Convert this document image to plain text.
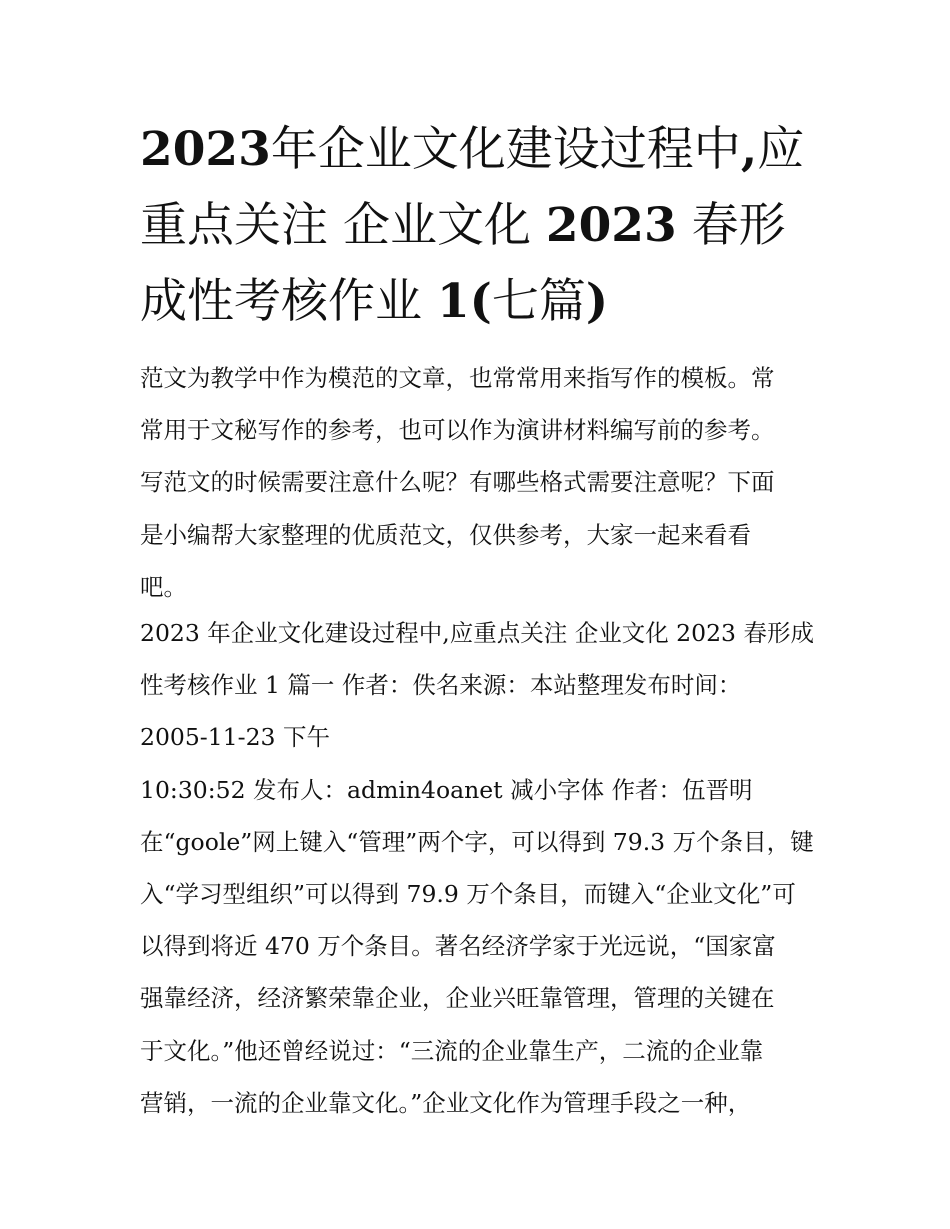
2023年企业文化建设过程中,应
重点关注 企业文化 2023 春形
成性考核作业 1(七篇)
范文为教学中作为模范的文章，也常常用来指写作的模板。常
常用于文秘写作的参考，也可以作为演讲材料编写前的参考。
写范文的时候需要注意什么呢？有哪些格式需要注意呢？下面
是小编帮大家整理的优质范文，仅供参考，大家一起来看看
吧。
2023 年企业文化建设过程中,应重点关注 企业文化 2023 春形成
性考核作业 1 篇一 作者：佚名来源：本站整理发布时间：
2005-11-23 下午
10:30:52 发布人：admin4oanet 减小字体 作者：伍晋明
在“goole”网上键入“管理”两个字，可以得到 79.3 万个条目，键
入“学习型组织”可以得到 79.9 万个条目，而键入“企业文化”可
以得到将近 470 万个条目。著名经济学家于光远说，“国家富
强靠经济，经济繁荣靠企业，企业兴旺靠管理，管理的关键在
于文化。”他还曾经说过：“三流的企业靠生产，二流的企业靠
营销，一流的企业靠文化。”企业文化作为管理手段之一种，
